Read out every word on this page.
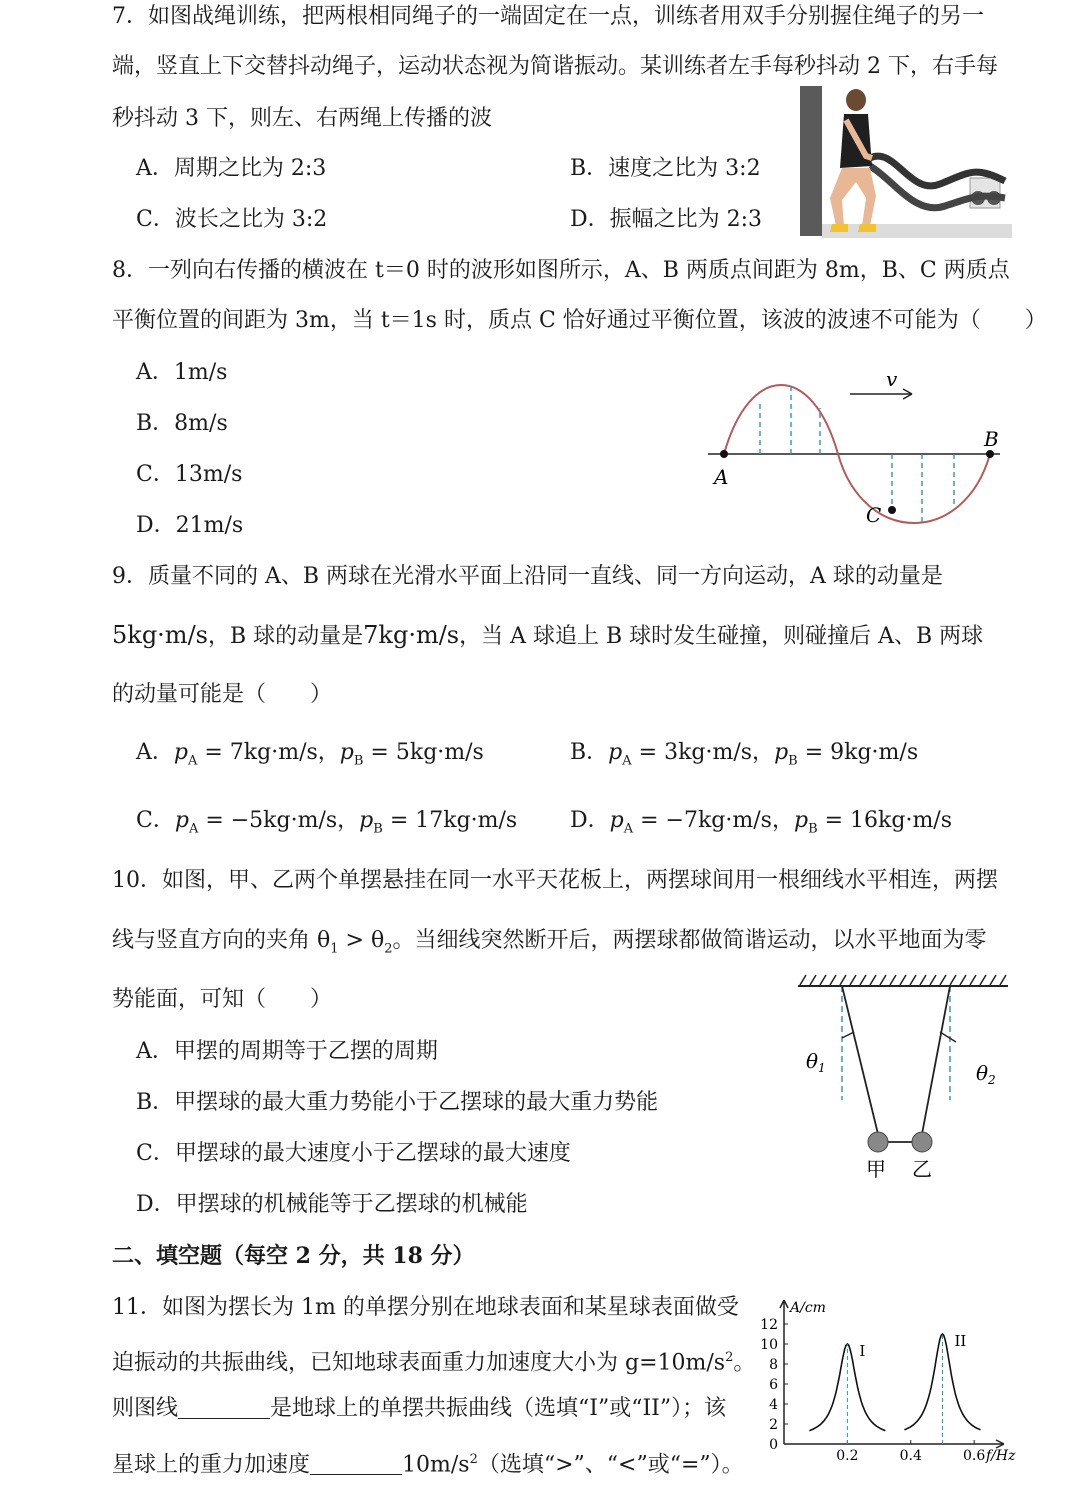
7．如图战绳训练，把两根相同绳子的一端固定在一点，训练者用双手分别握住绳子的另一
端，竖直上下交替抖动绳子，运动状态视为简谐振动。某训练者左手每秒抖动 2 下，右手每
秒抖动 3 下，则左、右两绳上传播的波
A．周期之比为 2:3	B．速度之比为 3:2
C．波长之比为 3:2	D．振幅之比为 2:3
8．一列向右传播的横波在 t＝0 时的波形如图所示，A、B 两质点间距为 8m，B、C 两质点
平衡位置的间距为 3m，当 t＝1s 时，质点 C 恰好通过平衡位置，该波的波速不可能为（　　）
A．1m/s
B．8m/s
C．13m/s
D．21m/s
v
A
B
C
9．质量不同的 A、B 两球在光滑水平面上沿同一直线、同一方向运动，A 球的动量是
5kg·m/s，B 球的动量是7kg·m/s，当 A 球追上 B 球时发生碰撞，则碰撞后 A、B 两球
的动量可能是（　　）
A．$p_A = 7kg\cdot m/s$，$p_B = 5kg\cdot m/s$	B．$p_A = 3kg\cdot m/s$，$p_B = 9kg\cdot m/s$
C．$p_A = -5kg\cdot m/s$，$p_B = 17kg\cdot m/s$ D．$p_A = -7kg\cdot m/s$，$p_B = 16kg\cdot m/s$
10．如图，甲、乙两个单摆悬挂在同一水平天花板上，两摆球间用一根细线水平相连，两摆
线与竖直方向的夹角 $\theta_1 > \theta_2$。当细线突然断开后，两摆球都做简谐运动，以水平地面为零
势能面，可知（　　）
A．甲摆的周期等于乙摆的周期
B．甲摆球的最大重力势能小于乙摆球的最大重力势能
C．甲摆球的最大速度小于乙摆球的最大速度
D．甲摆球的机械能等于乙摆球的机械能
$\theta_1$	$\theta_2$
甲 乙
二、填空题（每空 2 分，共 18 分）
11．如图为摆长为 1m 的单摆分别在地球表面和某星球表面做受
迫振动的共振曲线，已知地球表面重力加速度大小为 $g=10m/s^2$。
则图线	是地球上的单摆共振曲线（选填“I”或“II”）；该
星球上的重力加速度	$10m/s^2$（选填“>”、“<”或“=”）。
A/cm
f/Hz
0
2
4
6
8
10
12
0.2	0.4	0.6
I
II
